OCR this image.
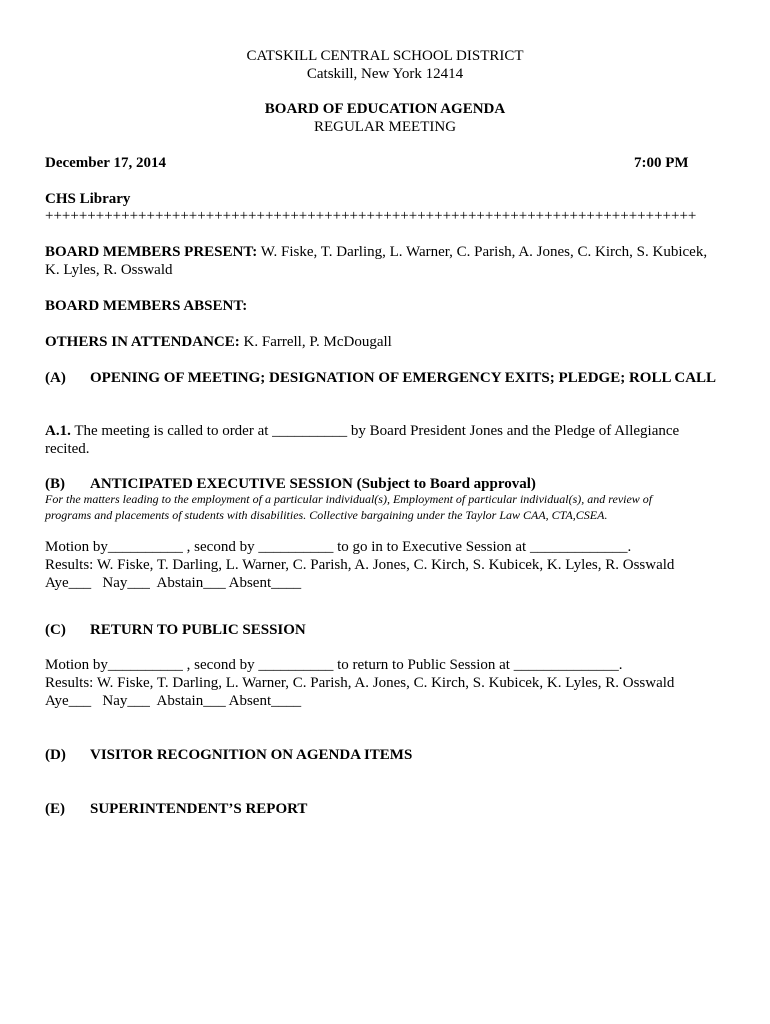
CATSKILL CENTRAL SCHOOL DISTRICT
Catskill, New York 12414
BOARD OF EDUCATION AGENDA
REGULAR MEETING
December 17, 2014	7:00 PM
CHS Library
+++++++++++++++++++++++++++++++++++++++++++++++++++++++++++++++++++++++++++++
BOARD MEMBERS PRESENT: W. Fiske, T. Darling, L. Warner, C. Parish, A. Jones, C. Kirch, S. Kubicek,
K. Lyles, R. Osswald
BOARD MEMBERS ABSENT:
OTHERS IN ATTENDANCE: K. Farrell, P. McDougall
(A) OPENING OF MEETING; DESIGNATION OF EMERGENCY EXITS; PLEDGE; ROLL CALL
A.1. The meeting is called to order at __________ by Board President Jones and the Pledge of Allegiance
recited.
(B) ANTICIPATED EXECUTIVE SESSION (Subject to Board approval)
For the matters leading to the employment of a particular individual(s), Employment of particular individual(s), and review of
programs and placements of students with disabilities. Collective bargaining under the Taylor Law CAA, CTA,CSEA.
Motion by__________ , second by __________ to go in to Executive Session at _____________.
Results: W. Fiske, T. Darling, L. Warner, C. Parish, A. Jones, C. Kirch, S. Kubicek, K. Lyles, R. Osswald
Aye___   Nay___  Abstain___ Absent____
(C) RETURN TO PUBLIC SESSION
Motion by__________ , second by __________ to return to Public Session at ______________.
Results: W. Fiske, T. Darling, L. Warner, C. Parish, A. Jones, C. Kirch, S. Kubicek, K. Lyles, R. Osswald
Aye___   Nay___  Abstain___ Absent____
(D) VISITOR RECOGNITION ON AGENDA ITEMS
(E) SUPERINTENDENT’S REPORT
